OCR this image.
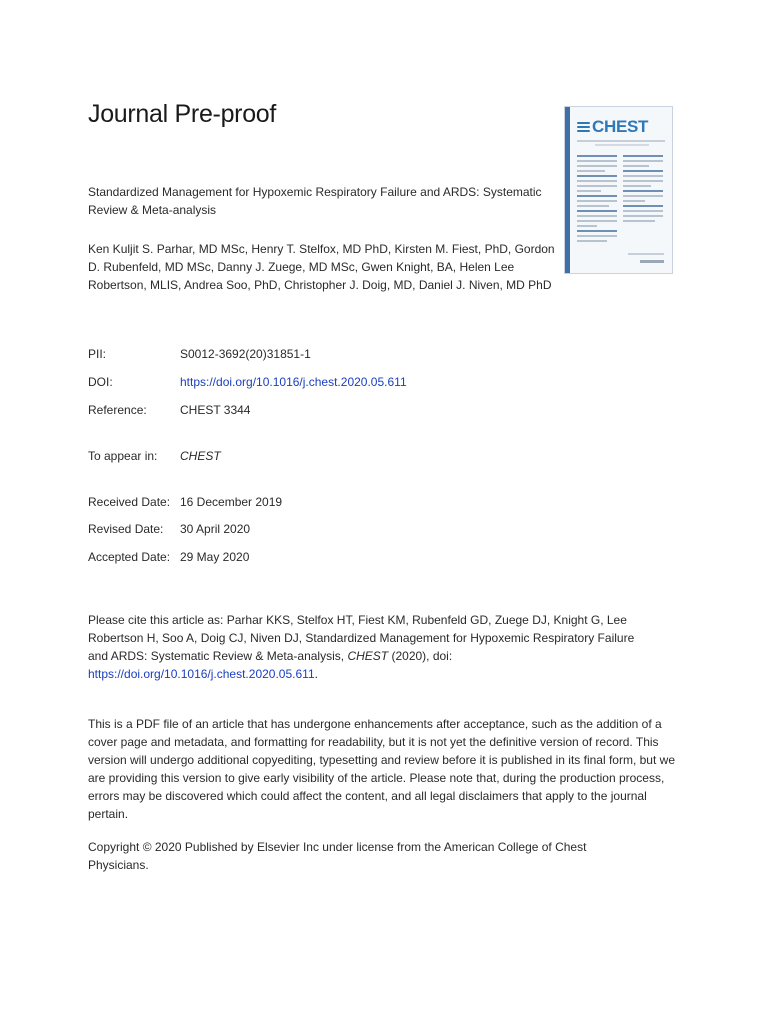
Journal Pre-proof	CHEST
Standardized Management for Hypoxemic Respiratory Failure and ARDS: Systematic Review & Meta-analysis
Ken Kuljit S. Parhar, MD MSc, Henry T. Stelfox, MD PhD, Kirsten M. Fiest, PhD, Gordon D. Rubenfeld, MD MSc, Danny J. Zuege, MD MSc, Gwen Knight, BA, Helen Lee Robertson, MLIS, Andrea Soo, PhD, Christopher J. Doig, MD, Daniel J. Niven, MD PhD
PII:	S0012-3692(20)31851-1
DOI:	https://doi.org/10.1016/j.chest.2020.05.611
Reference:	CHEST 3344
To appear in: CHEST
Received Date: 16 December 2019
Revised Date: 30 April 2020
Accepted Date: 29 May 2020
Please cite this article as: Parhar KKS, Stelfox HT, Fiest KM, Rubenfeld GD, Zuege DJ, Knight G, Lee Robertson H, Soo A, Doig CJ, Niven DJ, Standardized Management for Hypoxemic Respiratory Failure and ARDS: Systematic Review & Meta-analysis, CHEST (2020), doi: https://doi.org/10.1016/j.chest.2020.05.611.
This is a PDF file of an article that has undergone enhancements after acceptance, such as the addition of a cover page and metadata, and formatting for readability, but it is not yet the definitive version of record. This version will undergo additional copyediting, typesetting and review before it is published in its final form, but we are providing this version to give early visibility of the article. Please note that, during the production process, errors may be discovered which could affect the content, and all legal disclaimers that apply to the journal pertain.
Copyright © 2020 Published by Elsevier Inc under license from the American College of Chest Physicians.
